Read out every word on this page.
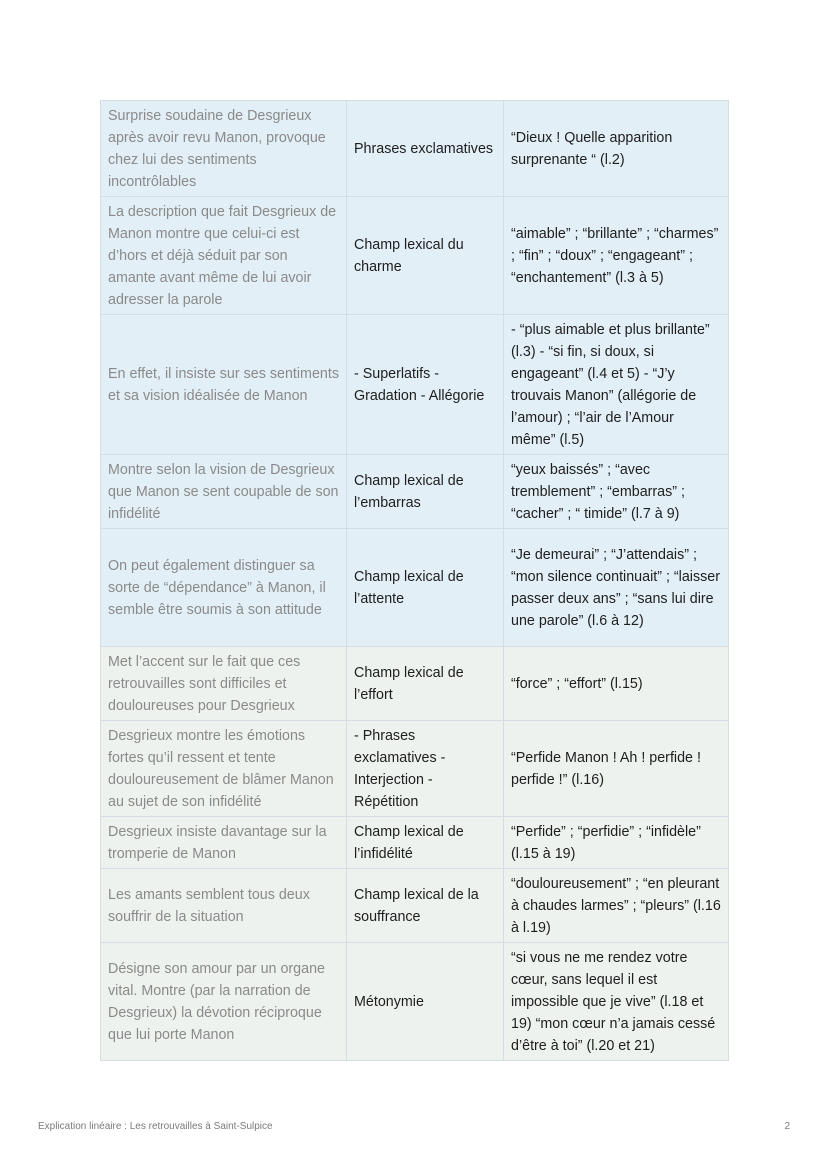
Surprise soudaine de Desgrieux après avoir revu Manon, provoque chez lui des sentiments incontrôlables	Phrases exclamatives	“Dieux ! Quelle apparition surprenante “ (l.2)
La description que fait Desgrieux de Manon montre que celui-ci est d’hors et déjà séduit par son amante avant même de lui avoir adresser la parole	Champ lexical du charme	“aimable” ; “brillante” ; “charmes” ; “fin” ; “doux” ; “engageant” ; “enchantement” (l.3 à 5)
En effet, il insiste sur ses sentiments et sa vision idéalisée de Manon	- Superlatifs - Gradation - Allégorie	- “plus aimable et plus brillante” (l.3) - “si fin, si doux, si engageant” (l.4 et 5) - “J’y trouvais Manon” (allégorie de l’amour) ; “l’air de l’Amour même” (l.5)
Montre selon la vision de Desgrieux que Manon se sent coupable de son infidélité	Champ lexical de l’embarras	“yeux baissés” ; “avec tremblement” ; “embarras” ; “cacher” ; “ timide” (l.7 à 9)
On peut également distinguer sa sorte de “dépendance” à Manon, il semble être soumis à son attitude	Champ lexical de l’attente	“Je demeurai” ; “J’attendais” ; “mon silence continuait” ; “laisser passer deux ans” ; “sans lui dire une parole” (l.6 à 12)
Met l’accent sur le fait que ces retrouvailles sont difficiles et douloureuses pour Desgrieux	Champ lexical de l’effort	“force” ; “effort” (l.15)
Desgrieux montre les émotions fortes qu’il ressent et tente douloureusement de blâmer Manon au sujet de son infidélité	- Phrases exclamatives - Interjection - Répétition	“Perfide Manon ! Ah ! perfide ! perfide !” (l.16)
Desgrieux insiste davantage sur la tromperie de Manon	Champ lexical de l’infidélité	“Perfide” ; “perfidie” ; “infidèle” (l.15 à 19)
Les amants semblent tous deux souffrir de la situation	Champ lexical de la souffrance	“douloureusement” ; “en pleurant à chaudes larmes” ; “pleurs” (l.16 à l.19)
Désigne son amour par un organe vital. Montre (par la narration de Desgrieux) la dévotion réciproque que lui porte Manon	Métonymie	“si vous ne me rendez votre cœur, sans lequel il est impossible que je vive” (l.18 et 19) “mon cœur n’a jamais cessé d’être à toi” (l.20 et 21)
Explication linéaire : Les retrouvailles à Saint-Sulpice	2
